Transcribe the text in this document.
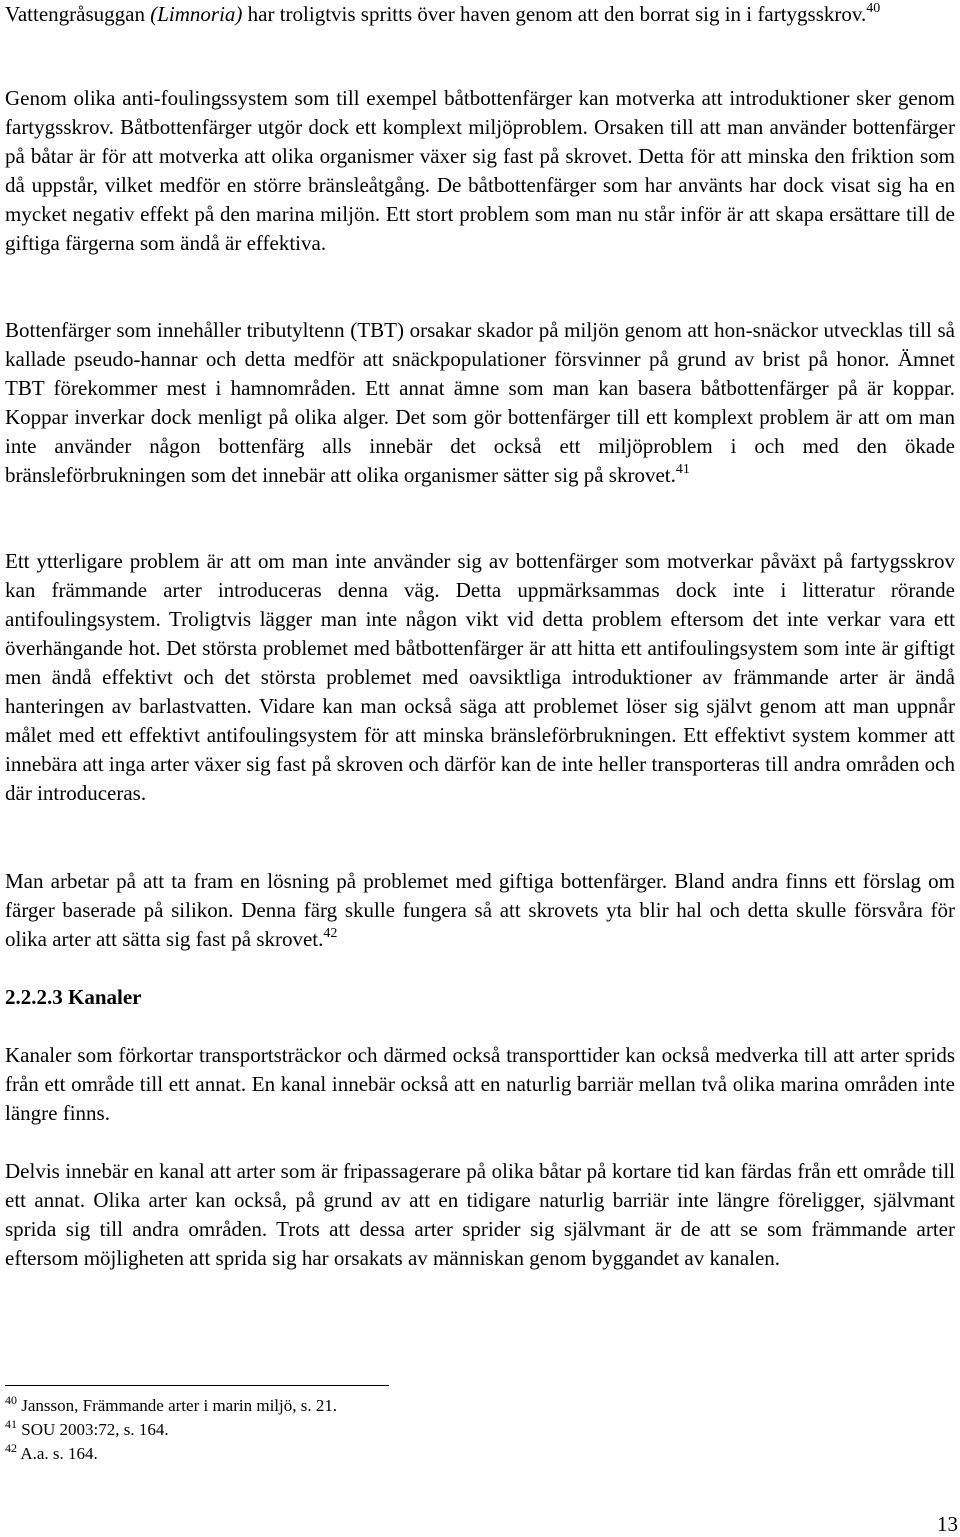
Vattengråsuggan (Limnoria) har troligtvis spritts över haven genom att den borrat sig in i fartygsskrov.$^{40}$

Genom olika anti-foulingssystem som till exempel båtbottenfärger kan motverka att introduktioner sker genom fartygsskrov. Båtbottenfärger utgör dock ett komplext miljöproblem. Orsaken till att man använder bottenfärger på båtar är för att motverka att olika organismer växer sig fast på skrovet. Detta för att minska den friktion som då uppstår, vilket medför en större bränsleåtgång. De båtbottenfärger som har använts har dock visat sig ha en mycket negativ effekt på den marina miljön. Ett stort problem som man nu står inför är att skapa ersättare till de giftiga färgerna som ändå är effektiva.

Bottenfärger som innehåller tributyltenn (TBT) orsakar skador på miljön genom att hon-snäckor utvecklas till så kallade pseudo-hannar och detta medför att snäckpopulationer försvinner på grund av brist på honor. Ämnet TBT förekommer mest i hamnområden. Ett annat ämne som man kan basera båtbottenfärger på är koppar. Koppar inverkar dock menligt på olika alger. Det som gör bottenfärger till ett komplext problem är att om man inte använder någon bottenfärg alls innebär det också ett miljöproblem i och med den ökade bränsleförbrukningen som det innebär att olika organismer sätter sig på skrovet.$^{41}$

Ett ytterligare problem är att om man inte använder sig av bottenfärger som motverkar påväxt på fartygsskrov kan främmande arter introduceras denna väg. Detta uppmärksammas dock inte i litteratur rörande antifoulingsystem. Troligtvis lägger man inte någon vikt vid detta problem eftersom det inte verkar vara ett överhängande hot. Det största problemet med båtbottenfärger är att hitta ett antifoulingsystem som inte är giftigt men ändå effektivt och det största problemet med oavsiktliga introduktioner av främmande arter är ändå hanteringen av barlastvatten. Vidare kan man också säga att problemet löser sig självt genom att man uppnår målet med ett effektivt antifoulingsystem för att minska bränsleförbrukningen. Ett effektivt system kommer att innebära att inga arter växer sig fast på skroven och därför kan de inte heller transporteras till andra områden och där introduceras.

Man arbetar på att ta fram en lösning på problemet med giftiga bottenfärger. Bland andra finns ett förslag om färger baserade på silikon. Denna färg skulle fungera så att skrovets yta blir hal och detta skulle försvåra för olika arter att sätta sig fast på skrovet.$^{42}$

2.2.2.3 Kanaler

Kanaler som förkortar transportsträckor och därmed också transporttider kan också medverka till att arter sprids från ett område till ett annat. En kanal innebär också att en naturlig barriär mellan två olika marina områden inte längre finns.

Delvis innebär en kanal att arter som är fripassagerare på olika båtar på kortare tid kan färdas från ett område till ett annat. Olika arter kan också, på grund av att en tidigare naturlig barriär inte längre föreligger, självmant sprida sig till andra områden. Trots att dessa arter sprider sig självmant är de att se som främmande arter eftersom möjligheten att sprida sig har orsakats av människan genom byggandet av kanalen.

$^{40}$ Jansson, Främmande arter i marin miljö, s. 21.
$^{41}$ SOU 2003:72, s. 164.
$^{42}$ A.a. s. 164.
13
